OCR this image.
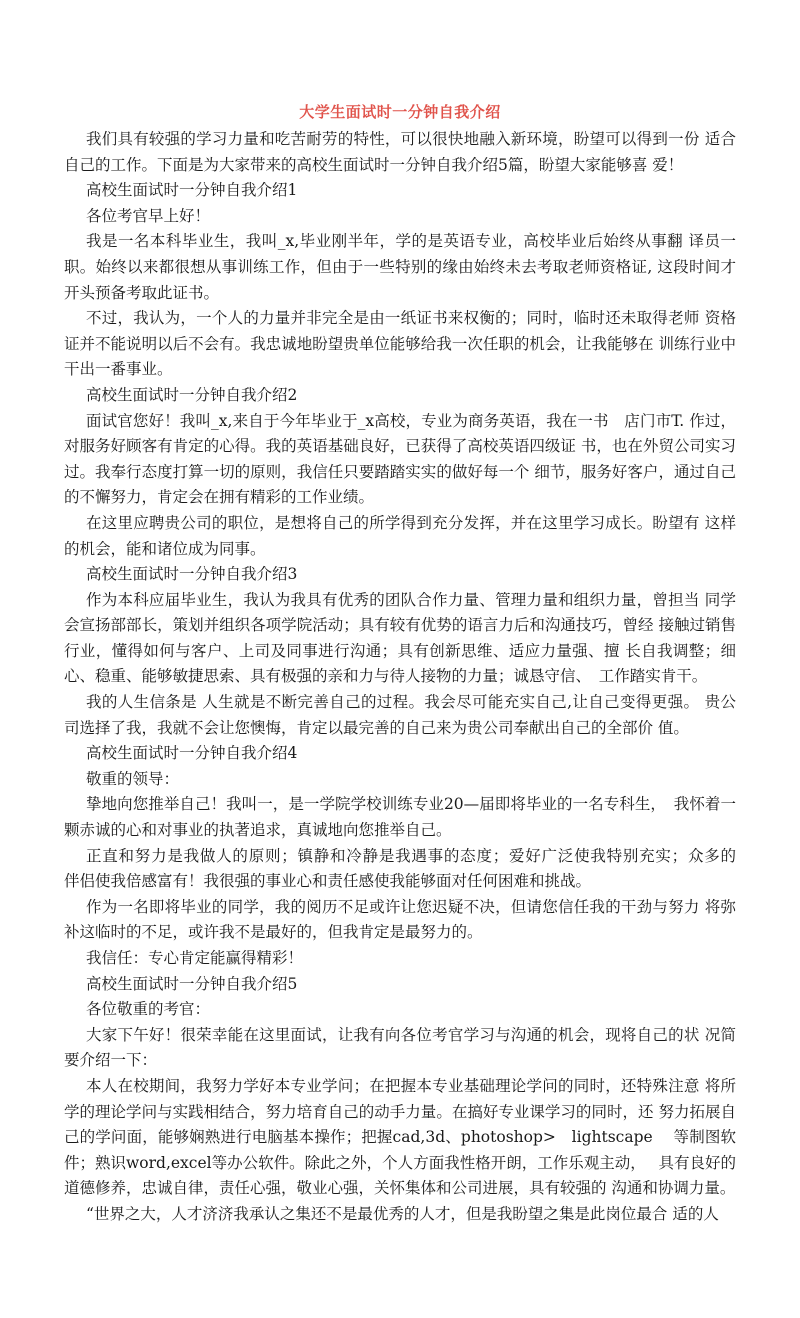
大学生面试时一分钟自我介绍

我们具有较强的学习力量和吃苦耐劳的特性，可以很快地融入新环境，盼望可以得到一份 适合自己的工作。下面是为大家带来的高校生面试时一分钟自我介绍5篇，盼望大家能够喜 爱！

高校生面试时一分钟自我介绍1

各位考官早上好！

我是一名本科毕业生，我叫_x,毕业刚半年，学的是英语专业，高校毕业后始终从事翻 译员一职。始终以来都很想从事训练工作，但由于一些特别的缘由始终未去考取老师资格证, 这段时间才开头预备考取此证书。

不过，我认为，一个人的力量并非完全是由一纸证书来权衡的；同时，临时还未取得老师 资格证并不能说明以后不会有。我忠诚地盼望贵单位能够给我一次任职的机会，让我能够在 训练行业中干出一番事业。

高校生面试时一分钟自我介绍2

面试官您好！我叫_x,来自于今年毕业于_x高校，专业为商务英语，我在一书　店门市T. 作过，对服务好顾客有肯定的心得。我的英语基础良好，已获得了高校英语四级证 书，也在外贸公司实习过。我奉行态度打算一切的原则，我信任只要踏踏实实的做好每一个 细节，服务好客户，通过自己的不懈努力，肯定会在拥有精彩的工作业绩。

在这里应聘贵公司的职位，是想将自己的所学得到充分发挥，并在这里学习成长。盼望有 这样的机会，能和诸位成为同事。

高校生面试时一分钟自我介绍3

作为本科应届毕业生，我认为我具有优秀的团队合作力量、管理力量和组织力量，曾担当 同学会宣扬部部长，策划并组织各项学院活动；具有较有优势的语言力后和沟通技巧，曾经 接触过销售行业，懂得如何与客户、上司及同事进行沟通；具有创新思维、适应力量强、擅 长自我调整；细心、稳重、能够敏捷思索、具有极强的亲和力与待人接物的力量；诚恳守信、　工作踏实肯干。

我的人生信条是 人生就是不断完善自己的过程。我会尽可能充实自己,让自己变得更强。 贵公司选择了我，我就不会让您懊悔，肯定以最完善的自己来为贵公司奉献出自己的全部价 值。

高校生面试时一分钟自我介绍4

敬重的领导：

挚地向您推举自己！我叫一，是一学院学校训练专业20—届即将毕业的一名专科生，　我怀着一颗赤诚的心和对事业的执著追求，真诚地向您推举自己。

正直和努力是我做人的原则；镇静和冷静是我遇事的态度；爱好广泛使我特别充实；众多的　伴侣使我倍感富有！我很强的事业心和责任感使我能够面对任何困难和挑战。

作为一名即将毕业的同学，我的阅历不足或许让您迟疑不决，但请您信任我的干劲与努力 将弥补这临时的不足，或许我不是最好的，但我肯定是最努力的。

我信任：专心肯定能赢得精彩！

高校生面试时一分钟自我介绍5

各位敬重的考官：

大家下午好！很荣幸能在这里面试，让我有向各位考官学习与沟通的机会，现将自己的状 况简要介绍一下：

本人在校期间，我努力学好本专业学问；在把握本专业基础理论学问的同时，还特殊注意 将所学的理论学问与实践相结合，努力培育自己的动手力量。在搞好专业课学习的同时，还 努力拓展自己的学问面，能够娴熟进行电脑基本操作；把握cad,3d、photoshop>　lightscape　 等制图软件；熟识word,excel等办公软件。除此之外，个人方面我性格开朗，工作乐观主动，　 具有良好的道德修养，忠诚自律，责任心强，敬业心强，关怀集体和公司进展，具有较强的 沟通和协调力量。

“世界之大，人才济济我承认之集还不是最优秀的人才，但是我盼望之集是此岗位最合 适的人
